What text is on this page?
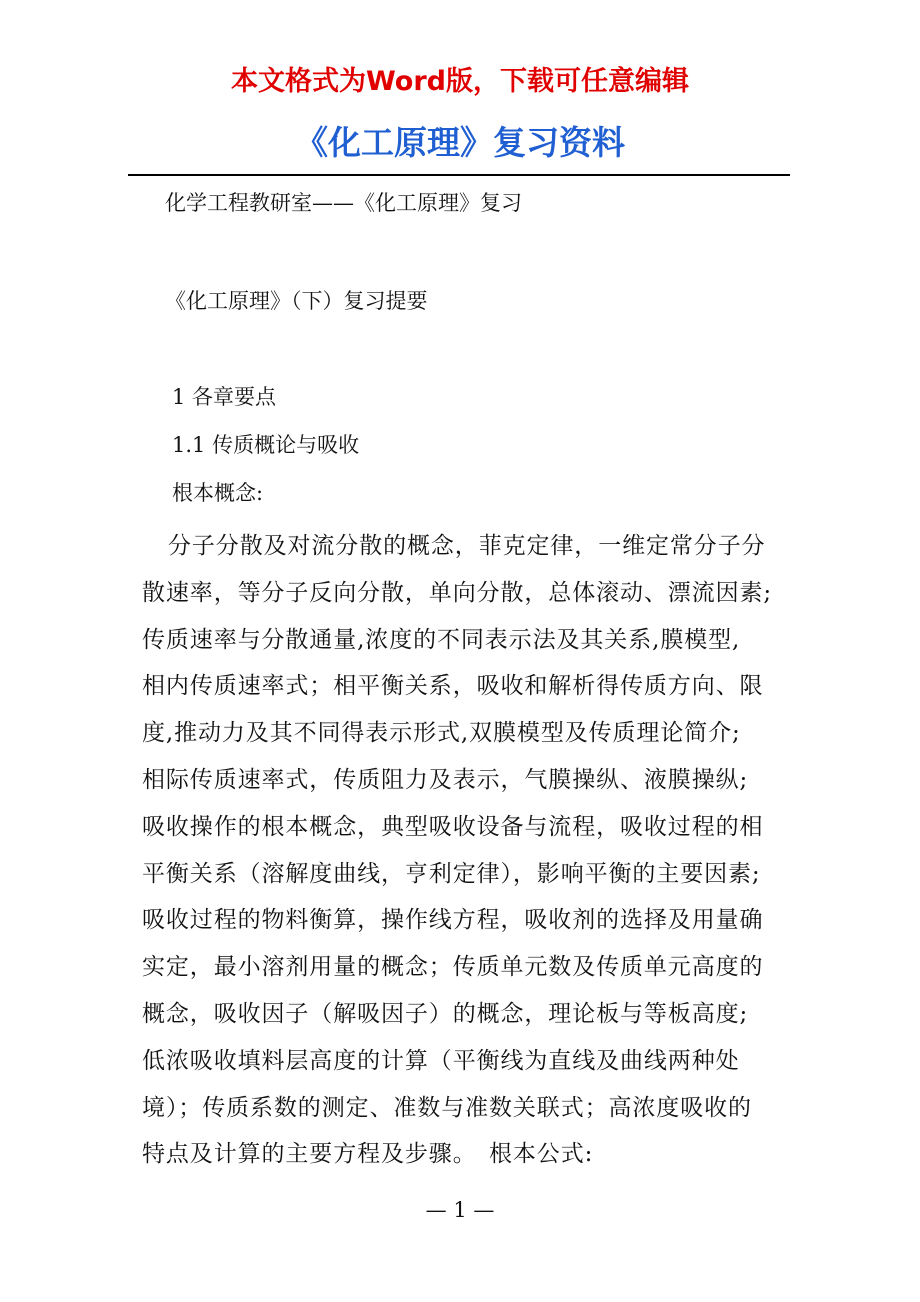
本文格式为Word版，下载可任意编辑
《化工原理》复习资料
化学工程教研室——《化工原理》复习
《化工原理》（下）复习提要
1 各章要点
1.1 传质概论与吸收
根本概念:

分子分散及对流分散的概念，菲克定律，一维定常分子分
散速率，等分子反向分散，单向分散，总体滚动、漂流因素;
传质速率与分散通量,浓度的不同表示法及其关系,膜模型,
相内传质速率式；相平衡关系，吸收和解析得传质方向、限
度,推动力及其不同得表示形式,双膜模型及传质理论简介;
相际传质速率式，传质阻力及表示，气膜操纵、液膜操纵;
吸收操作的根本概念，典型吸收设备与流程，吸收过程的相
平衡关系（溶解度曲线，亨利定律），影响平衡的主要因素;
吸收过程的物料衡算，操作线方程，吸收剂的选择及用量确
实定，最小溶剂用量的概念；传质单元数及传质单元高度的
概念，吸收因子（解吸因子）的概念，理论板与等板高度;
低浓吸收填料层高度的计算（平衡线为直线及曲线两种处
境）；传质系数的测定、准数与准数关联式；高浓度吸收的
特点及计算的主要方程及步骤。　根本公式:

— 1 —
